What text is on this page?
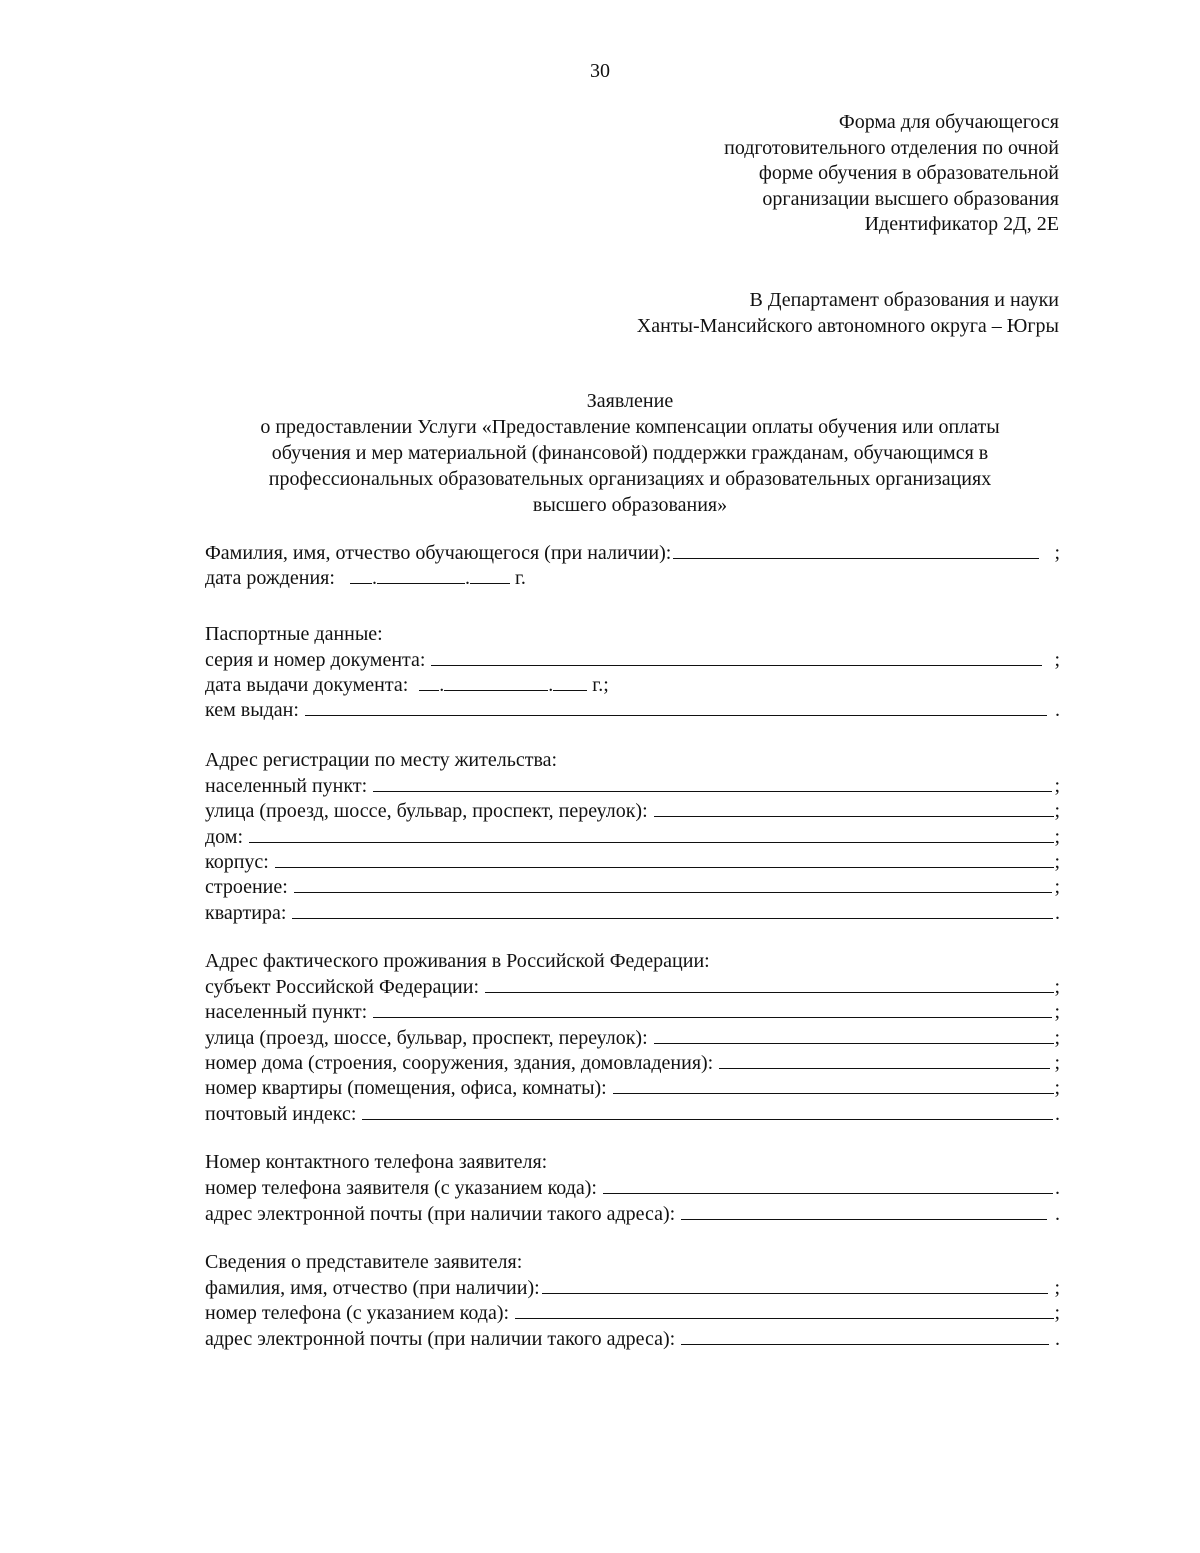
30
Форма для обучающегося
подготовительного отделения по очной
форме обучения в образовательной
организации высшего образования
Идентификатор 2Д, 2Е
В Департамент образования и науки
Ханты-Мансийского автономного округа – Югры
Заявление
о предоставлении Услуги «Предоставление компенсации оплаты обучения или оплаты
обучения и мер материальной (финансовой) поддержки гражданам, обучающимся в
профессиональных образовательных организациях и образовательных организациях
высшего образования»
Фамилия, имя, отчество обучающегося (при наличии):	;
дата рождения: .	. г.
Паспортные данные:
серия и номер документа:	;
дата выдачи документа: .	. г.;
кем выдан:	.
Адрес регистрации по месту жительства:
населенный пункт:	;
улица (проезд, шоссе, бульвар, проспект, переулок):	;
дом:	;
корпус:	;
строение:	;
квартира:	.
Адрес фактического проживания в Российской Федерации:
субъект Российской Федерации:	;
населенный пункт:	;
улица (проезд, шоссе, бульвар, проспект, переулок):	;
номер дома (строения, сооружения, здания, домовладения):	;
номер квартиры (помещения, офиса, комнаты):	;
почтовый индекс:	.
Номер контактного телефона заявителя:
номер телефона заявителя (с указанием кода):	.
адрес электронной почты (при наличии такого адреса):	.
Сведения о представителе заявителя:
фамилия, имя, отчество (при наличии):	;
номер телефона (с указанием кода):	;
адрес электронной почты (при наличии такого адреса):	.
